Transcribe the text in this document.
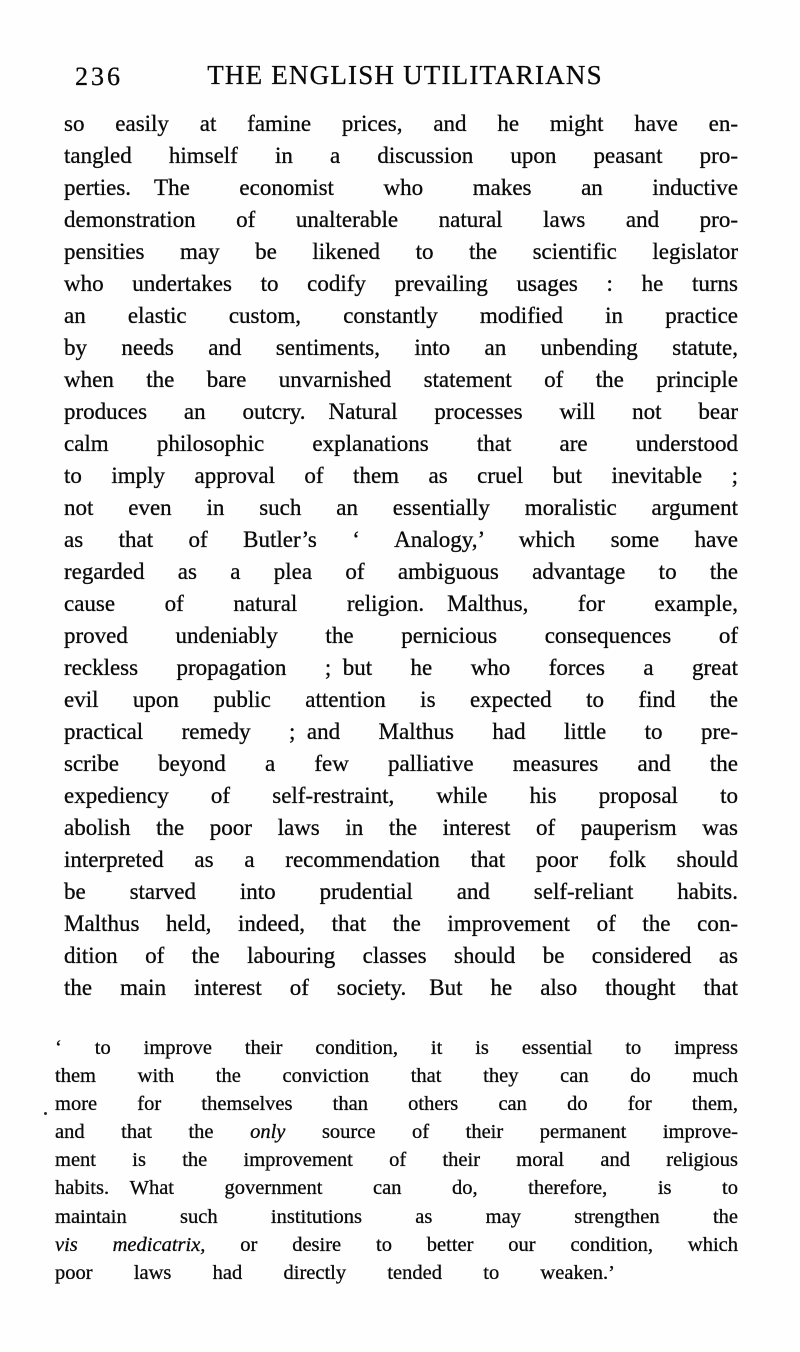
236	THE ENGLISH UTILITARIANS
so easily at famine prices, and he might have en-
tangled himself in a discussion upon peasant pro-
perties. The economist who makes an inductive
demonstration of unalterable natural laws and pro-
pensities may be likened to the scientific legislator
who undertakes to codify prevailing usages : he turns
an elastic custom, constantly modified in practice
by needs and sentiments, into an unbending statute,
when the bare unvarnished statement of the principle
produces an outcry. Natural processes will not bear
calm philosophic explanations that are understood
to imply approval of them as cruel but inevitable ;
not even in such an essentially moralistic argument
as that of Butler’s ‘ Analogy,’ which some have
regarded as a plea of ambiguous advantage to the
cause of natural religion. Malthus, for example,
proved undeniably the pernicious consequences of
reckless propagation ; but he who forces a great
evil upon public attention is expected to find the
practical remedy ; and Malthus had little to pre-
scribe beyond a few palliative measures and the
expediency of self-restraint, while his proposal to
abolish the poor laws in the interest of pauperism was
interpreted as a recommendation that poor folk should
be starved into prudential and self-reliant habits.
Malthus held, indeed, that the improvement of the con-
dition of the labouring classes should be considered as
the main interest of society. But he also thought that
‘ to improve their condition, it is essential to impress
them with the conviction that they can do much
more for themselves than others can do for them,
and that the only source of their permanent improve-
ment is the improvement of their moral and religious
habits. What government can do, therefore, is to
maintain such institutions as may strengthen the
vis medicatrix, or desire to better our condition, which
poor laws had directly tended to weaken.’
